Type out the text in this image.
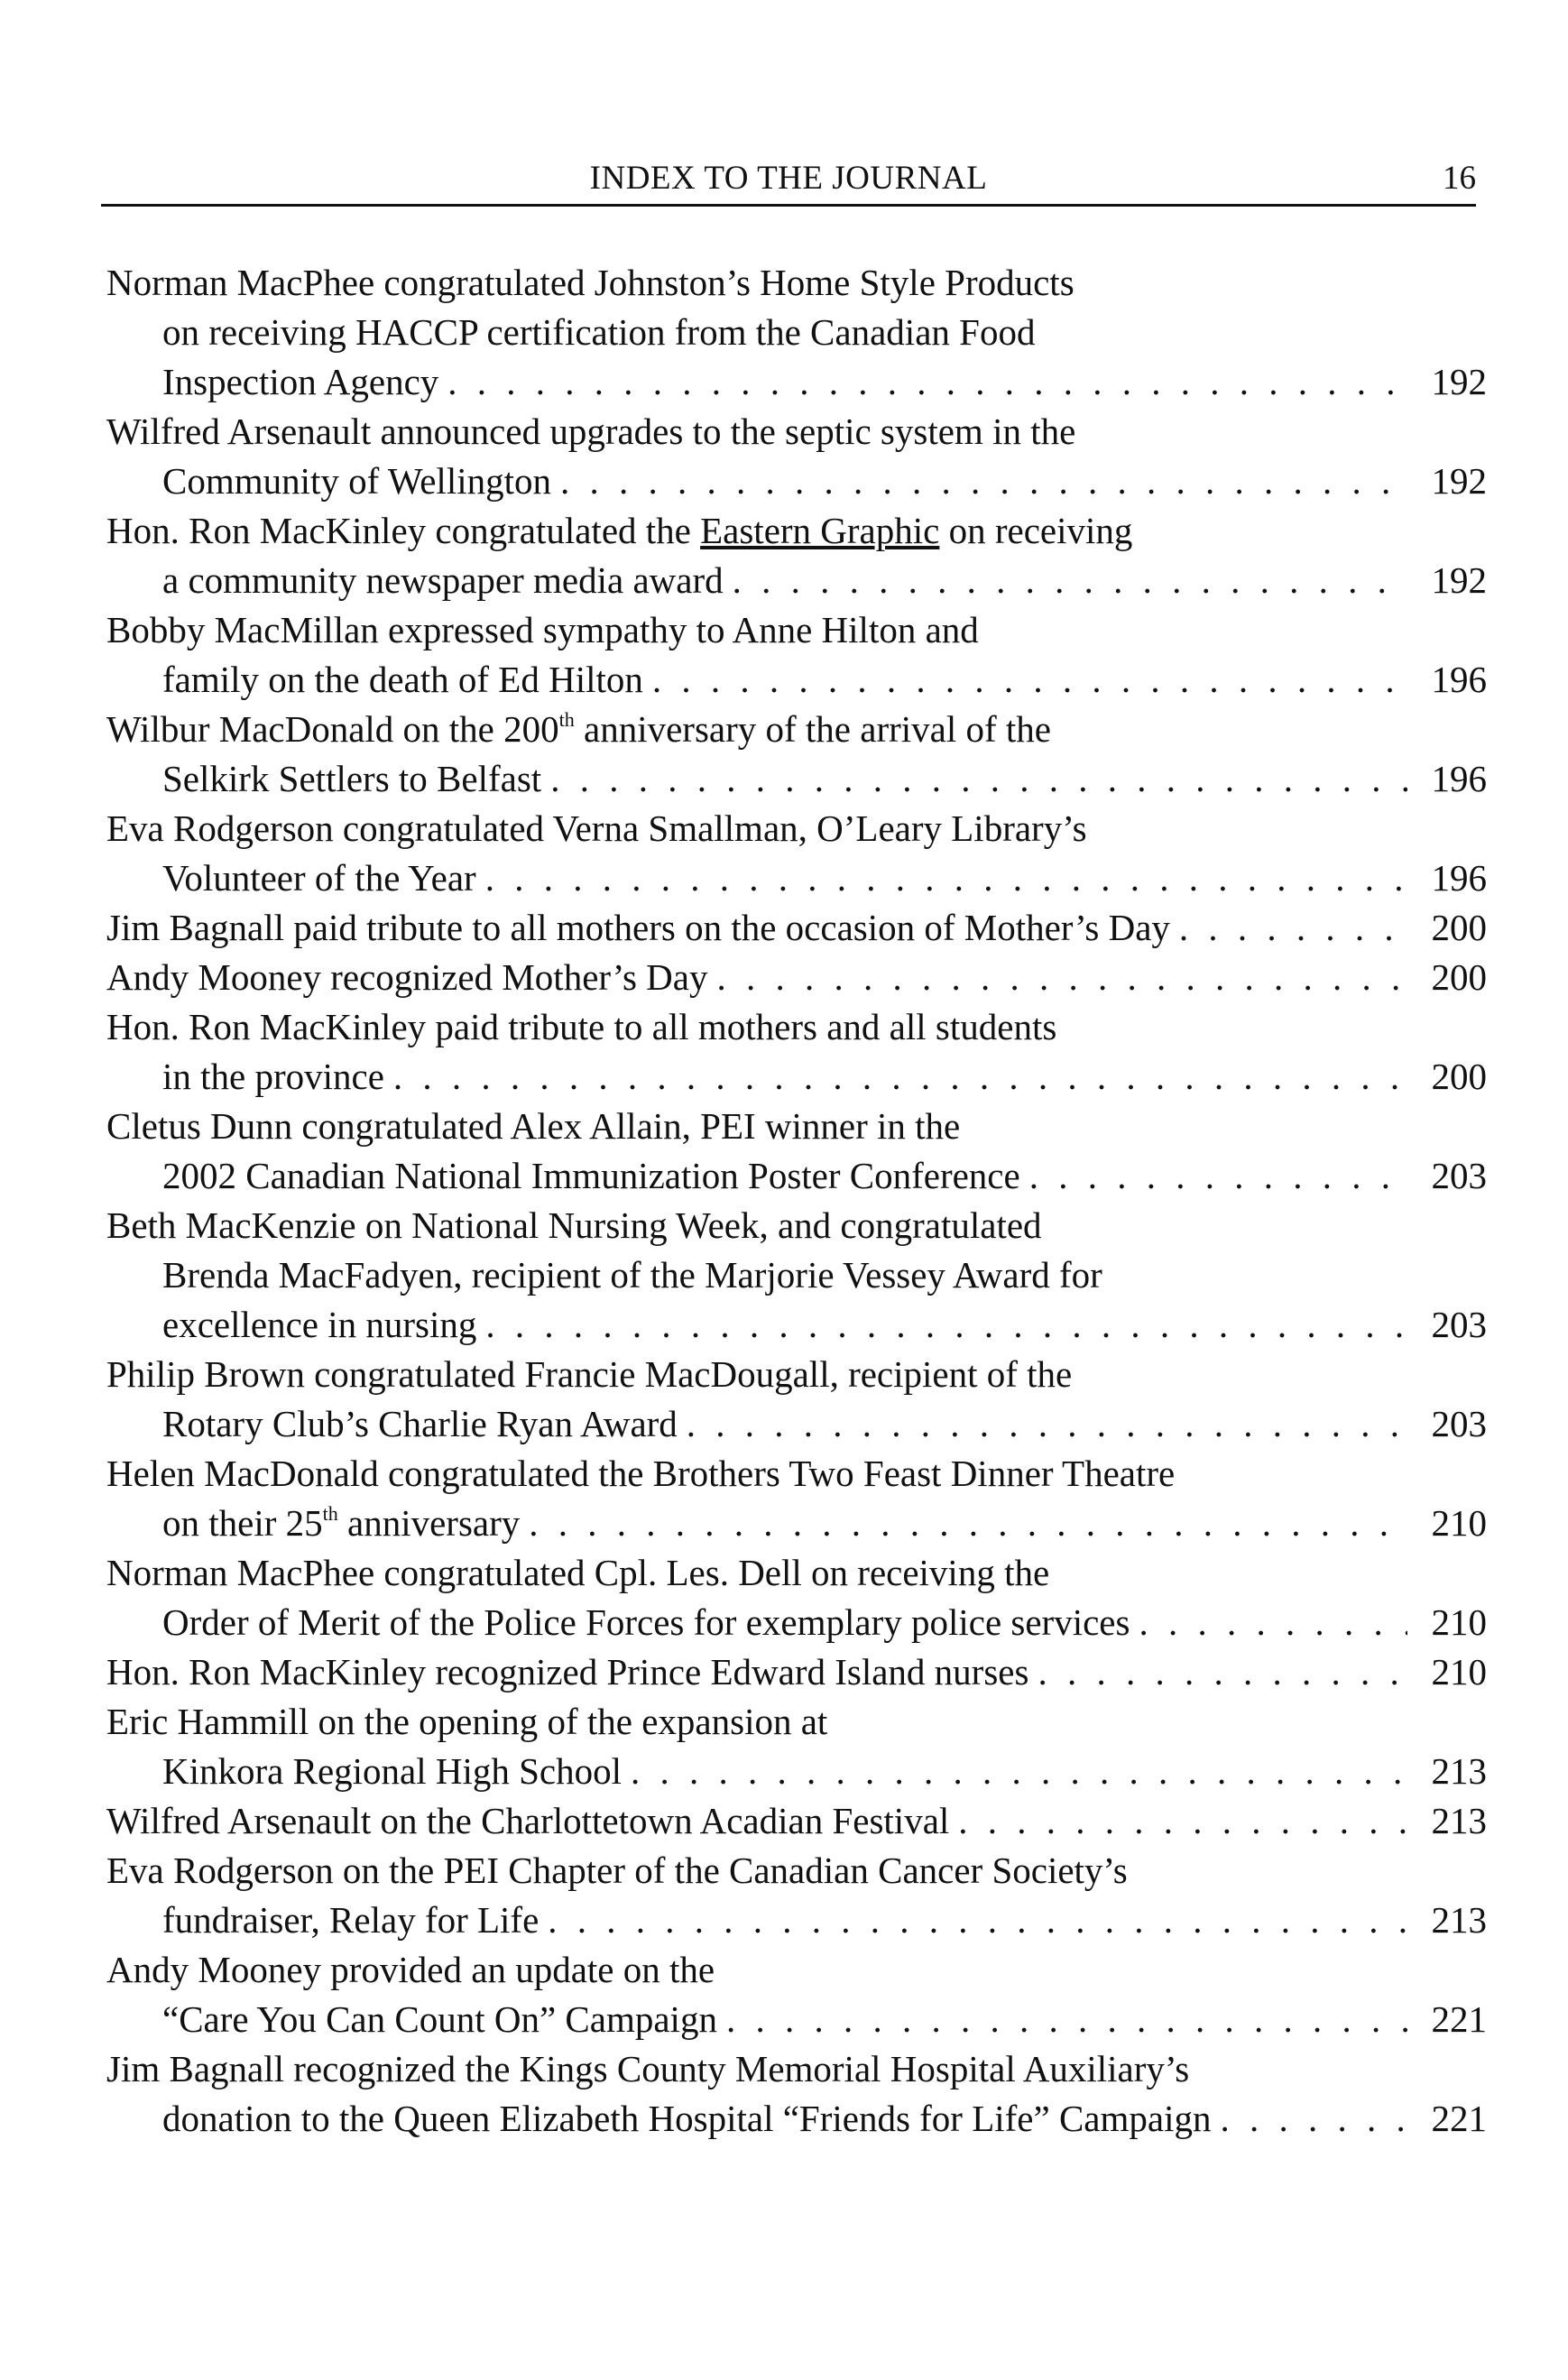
INDEX TO THE JOURNAL	16
Norman MacPhee congratulated Johnston’s Home Style Products
on receiving HACCP certification from the Canadian Food
Inspection Agency . . .	192
Wilfred Arsenault announced upgrades to the septic system in the
Community of Wellington . . .	192
Hon. Ron MacKinley congratulated the Eastern Graphic on receiving
a community newspaper media award . . .	192
Bobby MacMillan expressed sympathy to Anne Hilton and
family on the death of Ed Hilton . . .	196
Wilbur MacDonald on the 200th anniversary of the arrival of the
Selkirk Settlers to Belfast . . .	196
Eva Rodgerson congratulated Verna Smallman, O’Leary Library’s
Volunteer of the Year . . .	196
Jim Bagnall paid tribute to all mothers on the occasion of Mother’s Day . . .	200
Andy Mooney recognized Mother’s Day . . .	200
Hon. Ron MacKinley paid tribute to all mothers and all students
in the province . . .	200
Cletus Dunn congratulated Alex Allain, PEI winner in the
2002 Canadian National Immunization Poster Conference . . .	203
Beth MacKenzie on National Nursing Week, and congratulated
Brenda MacFadyen, recipient of the Marjorie Vessey Award for
excellence in nursing . . .	203
Philip Brown congratulated Francie MacDougall, recipient of the
Rotary Club’s Charlie Ryan Award . . .	203
Helen MacDonald congratulated the Brothers Two Feast Dinner Theatre
on their 25th anniversary . . .	210
Norman MacPhee congratulated Cpl. Les. Dell on receiving the
Order of Merit of the Police Forces for exemplary police services . . .	210
Hon. Ron MacKinley recognized Prince Edward Island nurses . . .	210
Eric Hammill on the opening of the expansion at
Kinkora Regional High School . . .	213
Wilfred Arsenault on the Charlottetown Acadian Festival . . .	213
Eva Rodgerson on the PEI Chapter of the Canadian Cancer Society’s
fundraiser, Relay for Life . . .	213
Andy Mooney provided an update on the
“Care You Can Count On” Campaign . . .	221
Jim Bagnall recognized the Kings County Memorial Hospital Auxiliary’s
donation to the Queen Elizabeth Hospital “Friends for Life” Campaign . . .	221
